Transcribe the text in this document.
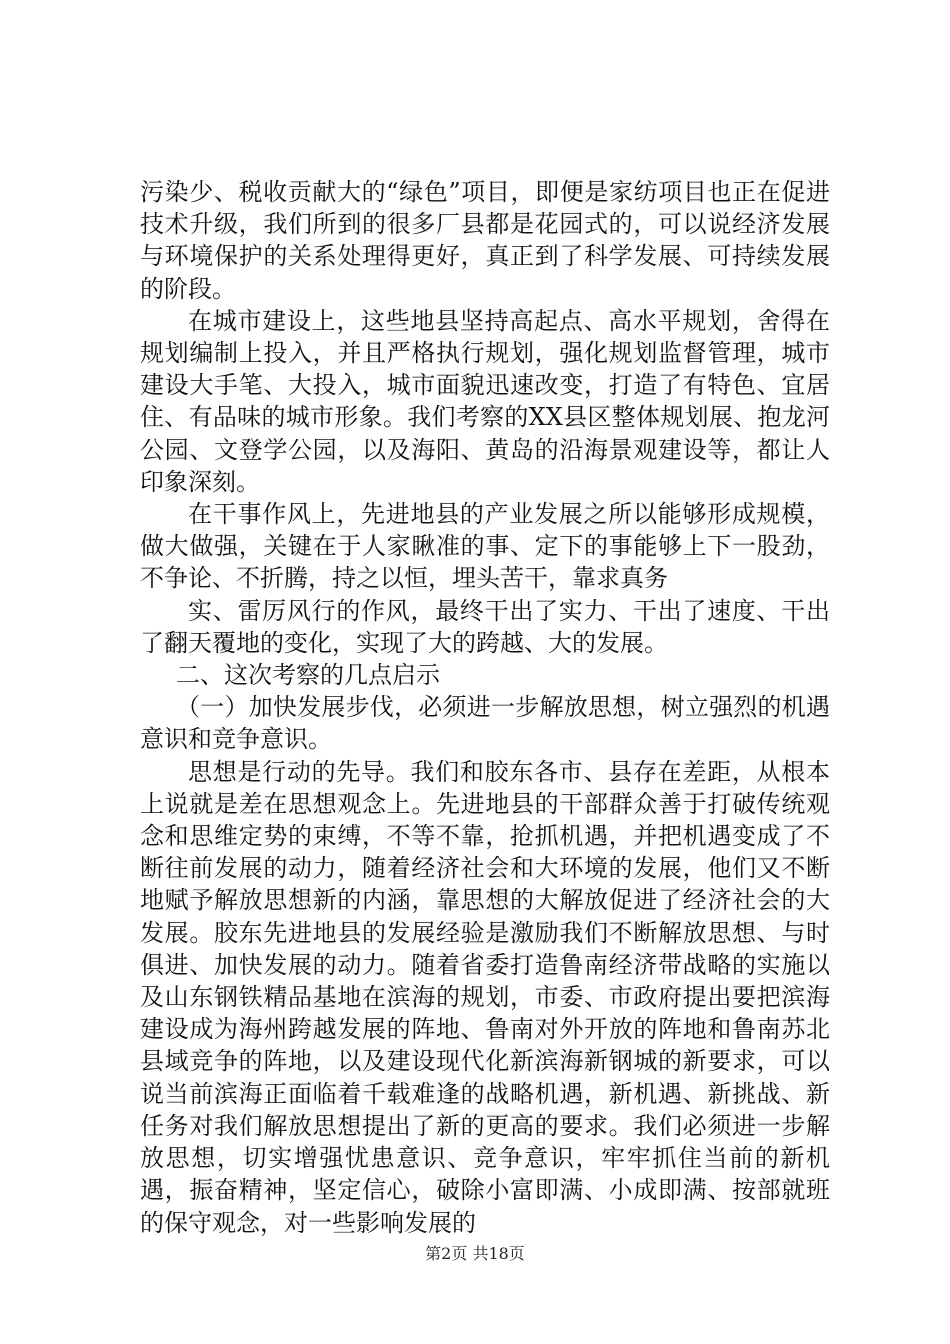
污染少、税收贡献大的“绿色”项目，即便是家纺项目也正在促进技术升级，我们所到的很多厂县都是花园式的，可以说经济发展与环境保护的关系处理得更好，真正到了科学发展、可持续发展的阶段。

在城市建设上，这些地县坚持高起点、高水平规划，舍得在规划编制上投入，并且严格执行规划，强化规划监督管理，城市建设大手笔、大投入，城市面貌迅速改变，打造了有特色、宜居住、有品味的城市形象。我们考察的XX县区整体规划展、抱龙河公园、文登学公园，以及海阳、黄岛的沿海景观建设等，都让人印象深刻。

在干事作风上，先进地县的产业发展之所以能够形成规模，做大做强，关键在于人家瞅准的事、定下的事能够上下一股劲，不争论、不折腾，持之以恒，埋头苦干，靠求真务

实、雷厉风行的作风，最终干出了实力、干出了速度、干出了翻天覆地的变化，实现了大的跨越、大的发展。

二、这次考察的几点启示

（一）加快发展步伐，必须进一步解放思想，树立强烈的机遇意识和竞争意识。

思想是行动的先导。我们和胶东各市、县存在差距，从根本上说就是差在思想观念上。先进地县的干部群众善于打破传统观念和思维定势的束缚，不等不靠，抢抓机遇，并把机遇变成了不断往前发展的动力，随着经济社会和大环境的发展，他们又不断地赋予解放思想新的内涵，靠思想的大解放促进了经济社会的大发展。胶东先进地县的发展经验是激励我们不断解放思想、与时俱进、加快发展的动力。随着省委打造鲁南经济带战略的实施以及山东钢铁精品基地在滨海的规划，市委、市政府提出要把滨海建设成为海州跨越发展的阵地、鲁南对外开放的阵地和鲁南苏北县域竞争的阵地，以及建设现代化新滨海新钢城的新要求，可以说当前滨海正面临着千载难逢的战略机遇，新机遇、新挑战、新任务对我们解放思想提出了新的更高的要求。我们必须进一步解放思想，切实增强忧患意识、竞争意识，牢牢抓住当前的新机遇，振奋精神，坚定信心，破除小富即满、小成即满、按部就班的保守观念，对一些影响发展的

第2页 共18页
